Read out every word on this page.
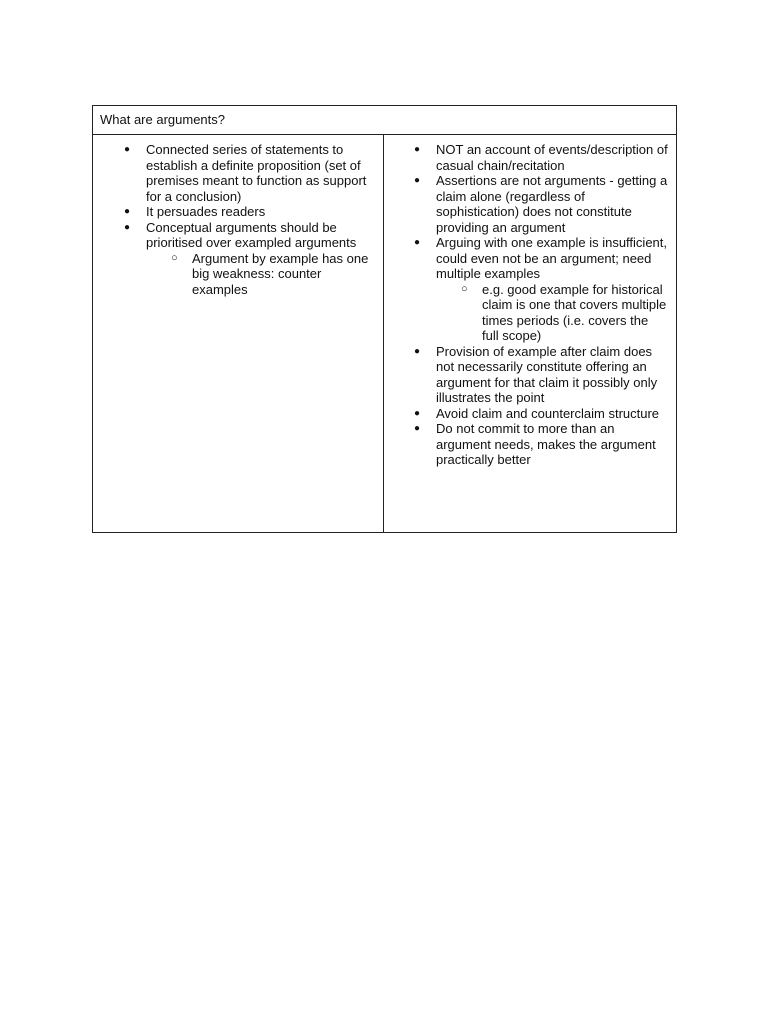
What are arguments?
● Connected series of statements to establish a definite proposition (set of premises meant to function as support for a conclusion)
● It persuades readers
● Conceptual arguments should be prioritised over exampled arguments
○ Argument by example has one big weakness: counter examples
● NOT an account of events/description of casual chain/recitation
● Assertions are not arguments - getting a claim alone (regardless of sophistication) does not constitute providing an argument
● Arguing with one example is insufficient, could even not be an argument; need multiple examples
○ e.g. good example for historical claim is one that covers multiple times periods (i.e. covers the full scope)
● Provision of example after claim does not necessarily constitute offering an argument for that claim it possibly only illustrates the point
● Avoid claim and counterclaim structure
● Do not commit to more than an argument needs, makes the argument practically better
